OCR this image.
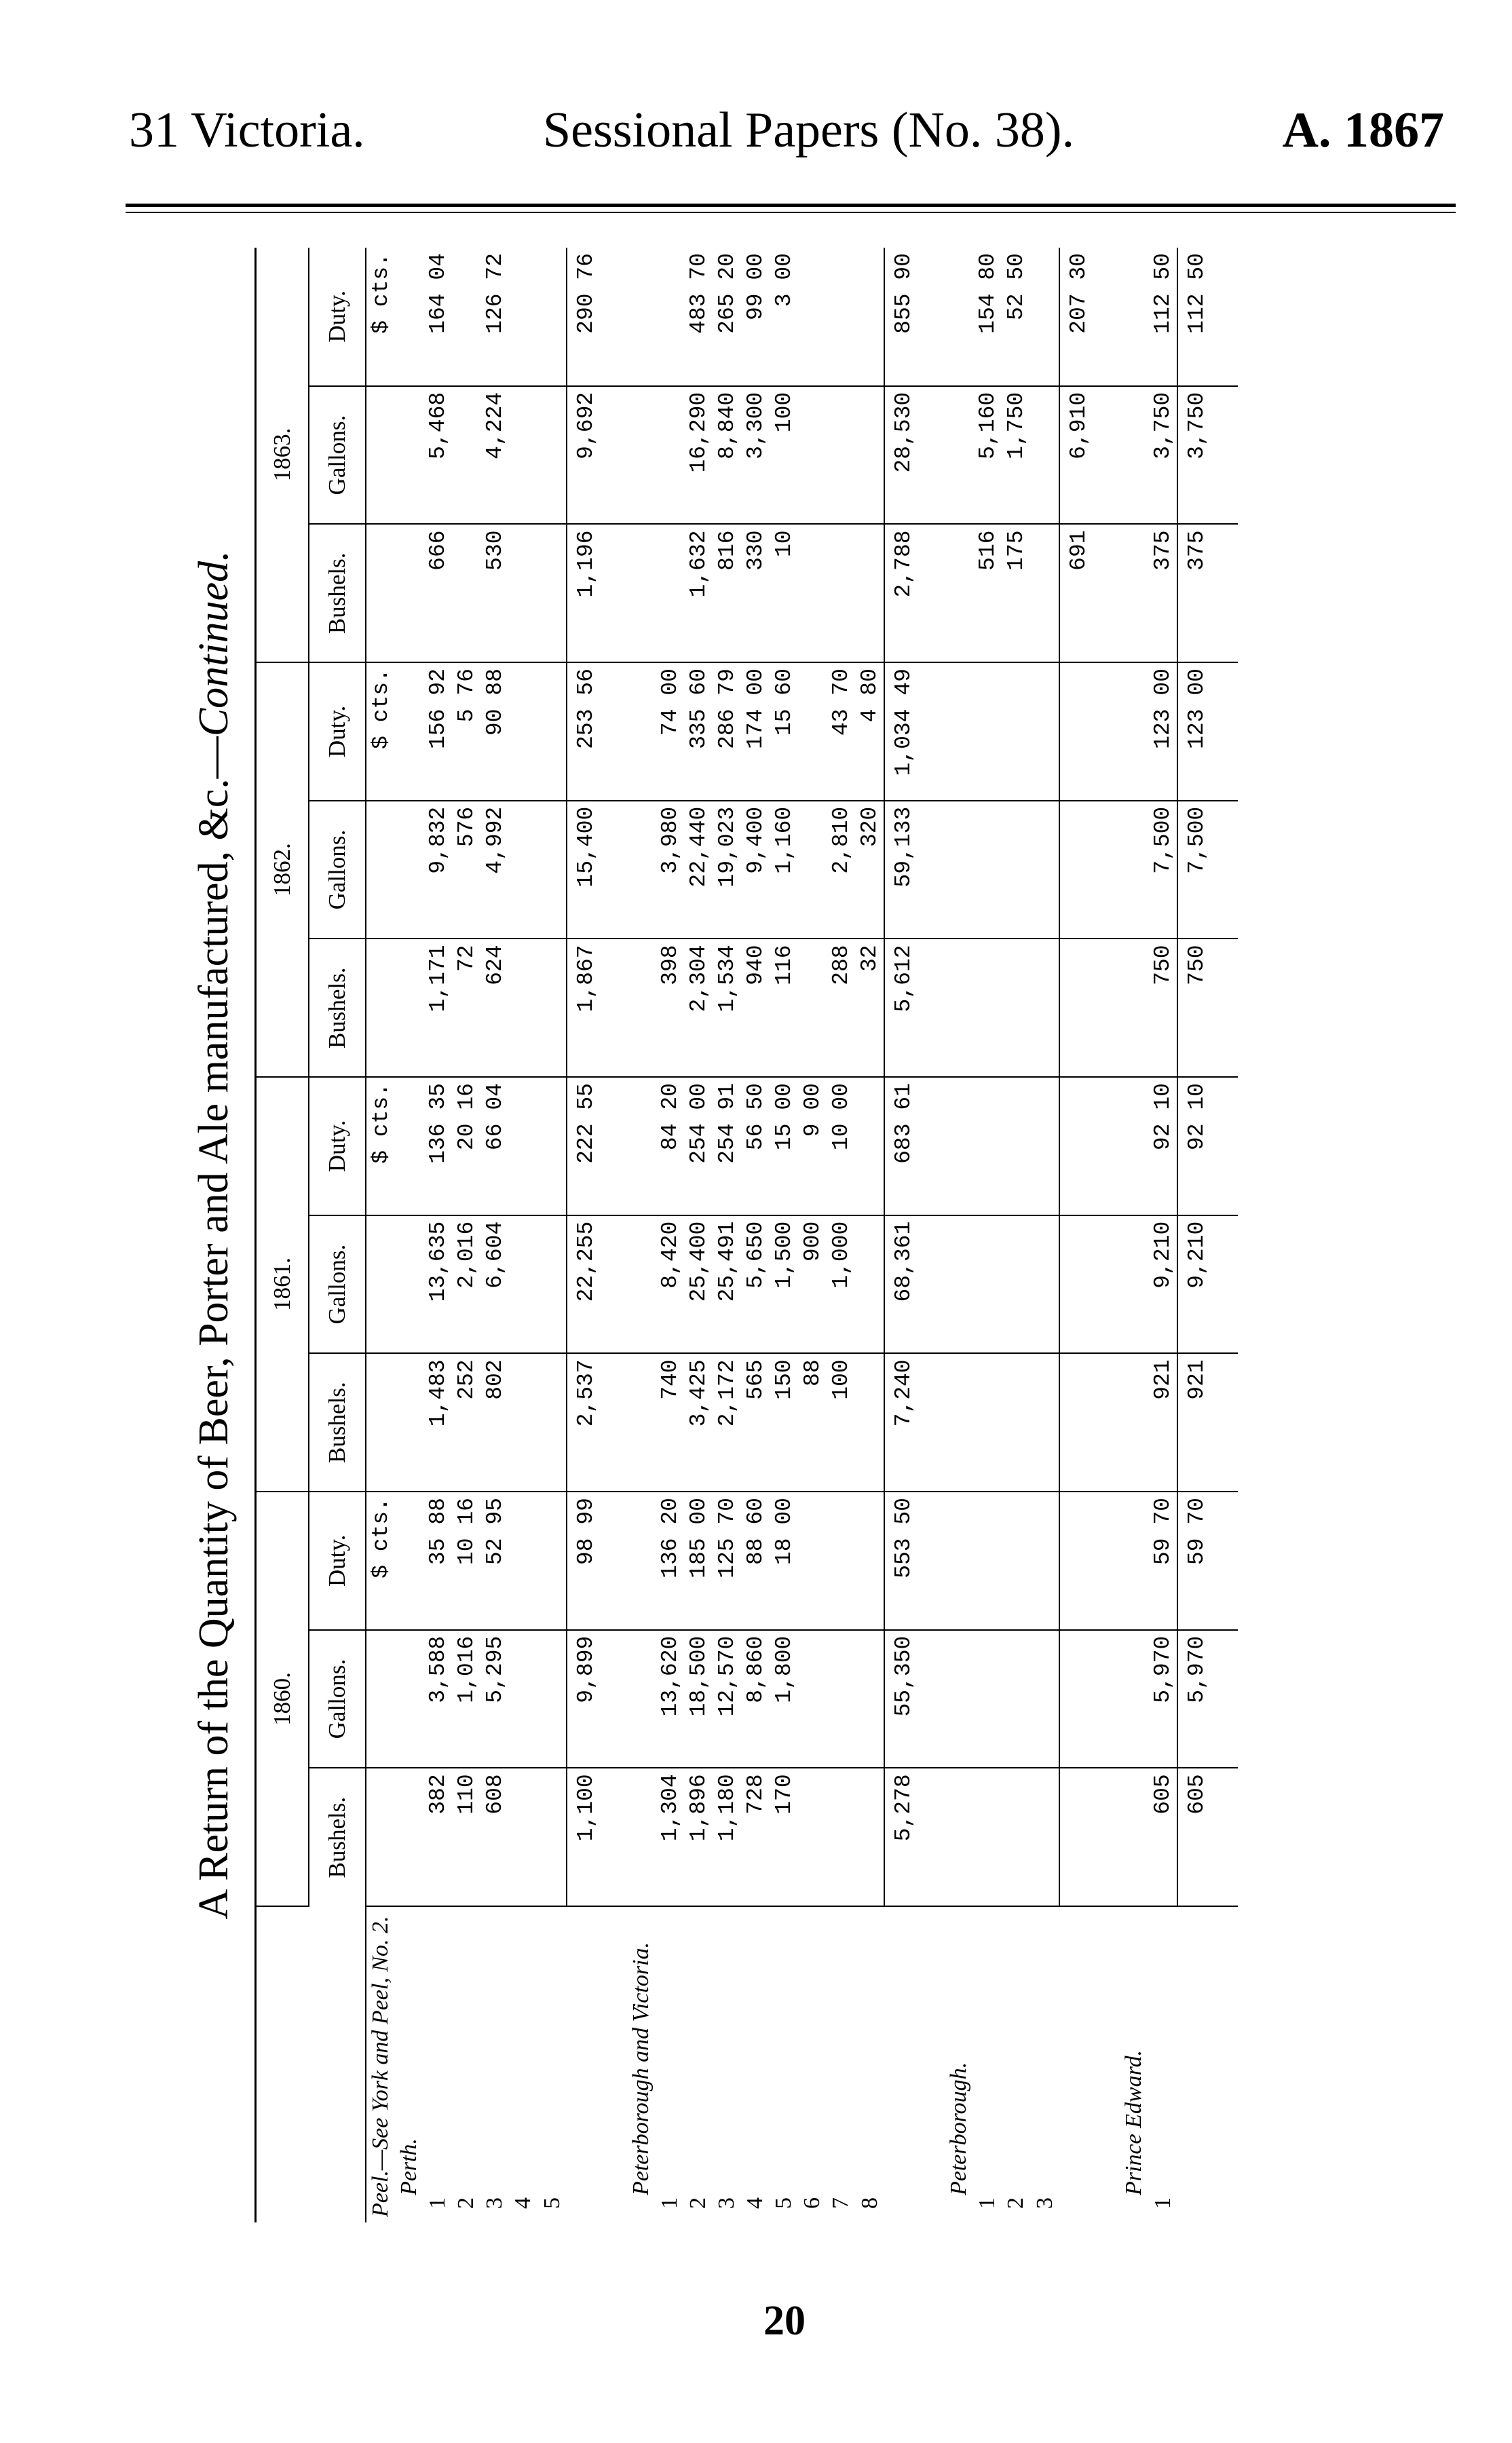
31 Victoria.	Sessional Papers (No. 38).	A. 1867
A Return of the Quantity of Beer, Porter and Ale manufactured, &c.—Continued.
	1860.			1861.			1862.			1863.		
	Bushels.	Gallons.	Duty.	Bushels.	Gallons.	Duty.	Bushels.	Gallons.	Duty.	Bushels.	Gallons.	Duty.
Peel.—See York and Peel, No. 2.			$ cts.			$ cts.			$ cts.			$ cts.
Perth.												
1	382	3,588	35 88	1,483	13,635	136 35	1,171	9,832	156 92	666	5,468	164 04
2	110	1,016	10 16	252	2,016	20 16	72	576	5 76			
3	608	5,295	52 95	802	6,604	66 04	624	4,992	90 88	530	4,224	126 72
4												
5												
	1,100	9,899	98 99	2,537	22,255	222 55	1,867	15,400	253 56	1,196	9,692	290 76

Peterborough and Victoria.												
1	1,304	13,620	136 20	740	8,420	84 20	398	3,980	74 00			
2	1,896	18,500	185 00	3,425	25,400	254 00	2,304	22,440	335 60	1,632	16,290	483 70
3	1,180	12,570	125 70	2,172	25,491	254 91	1,534	19,023	286 79	816	8,840	265 20
4	728	8,860	88 60	565	5,650	56 50	940	9,400	174 00	330	3,300	99 00
5	170	1,800	18 00	150	1,500	15 00	116	1,160	15 60	10	100	3 00
6				88	900	9 00						
7				100	1,000	10 00	288	2,810	43 70			
8							32	320	4 80			
	5,278	55,350	553 50	7,240	68,361	683 61	5,612	59,133	1,034 49	2,788	28,530	855 90

Peterborough.												
1										516	5,160	154 80
2										175	1,750	52 50
3												
										691	6,910	207 30

Prince Edward.												
1	605	5,970	59 70	921	9,210	92 10	750	7,500	123 00	375	3,750	112 50
	605	5,970	59 70	921	9,210	92 10	750	7,500	123 00	375	3,750	112 50

20
